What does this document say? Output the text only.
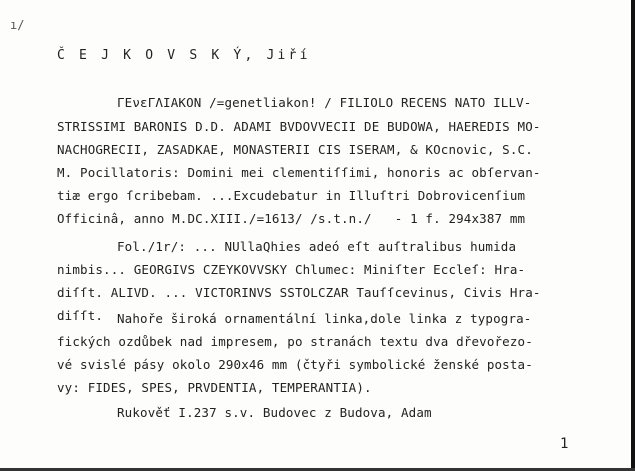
ı/
Č E J K O V S K Ý, Jiří
ΓΕνεΓΛΙΑΚΟΝ /=genetliakon! / FILIOLO RECENS NATO ILLV-
STRISSIMI BARONIS D.D. ADAMI BVDOVVECII DE BUDOWA, HAEREDIS MO-
NACHOGRECII, ZASADKAE, MONASTERII CIS ISERAM, & KOcnovic, S.C.
M. Pocillatoris: Domini mei clementiſſimi, honoris ac obſervan-
tiæ ergo ſcribebam. ...Excudebatur in Illuſtri Dobrovicenſium
Officinâ, anno M.DC.XIII./=1613/ /s.t.n./   - 1 f. 294x387 mm
Fol./1r/: ... NUllaQhies adeó eſt auſtralibus humida
nimbis... GEORGIVS CZEYKOVVSKY Chlumec: Miniſter Eccleſ: Hra-
diſſt. ALIVD. ... VICTORINVS SSTOLCZAR Tauſſcevinus, Civis Hra-
diſſt. Nahoře široká ornamentální linka,dole linka z typogra-
fických ozdůbek nad impresem, po stranách textu dva dřevořezo-
vé svislé pásy okolo 290x46 mm (čtyři symbolické ženské posta-
vy: FIDES, SPES, PRVDENTIA, TEMPERANTIA).
Rukověť I.237 s.v. Budovec z Budova, Adam
1
